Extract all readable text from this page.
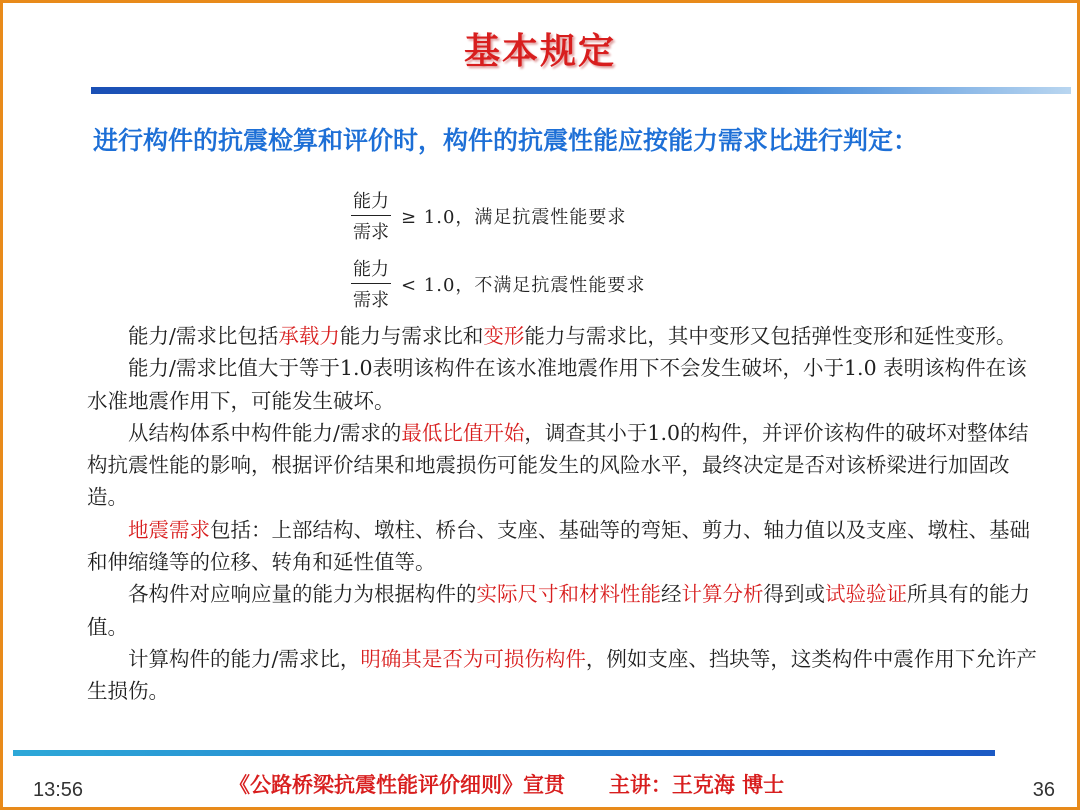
基本规定
进行构件的抗震检算和评价时，构件的抗震性能应按能力需求比进行判定：
$\frac{\text{能力}}{\text{需求}} \ge 1.0$，满足抗震性能要求
$\frac{\text{能力}}{\text{需求}} < 1.0$，不满足抗震性能要求

能力/需求比包括承载力能力与需求比和变形能力与需求比，其中变形又包括弹性变形和延性变形。

能力/需求比值大于等于1.0表明该构件在该水准地震作用下不会发生破坏，小于1.0 表明该构件在该水准地震作用下，可能发生破坏。

从结构体系中构件能力/需求的最低比值开始，调查其小于1.0的构件，并评价该构件的破坏对整体结构抗震性能的影响，根据评价结果和地震损伤可能发生的风险水平，最终决定是否对该桥梁进行加固改造。

地震需求包括：上部结构、墩柱、桥台、支座、基础等的弯矩、剪力、轴力值以及支座、墩柱、基础和伸缩缝等的位移、转角和延性值等。

各构件对应响应量的能力为根据构件的实际尺寸和材料性能经计算分析得到或试验验证所具有的能力值。

计算构件的能力/需求比，明确其是否为可损伤构件，例如支座、挡块等，这类构件中震作用下允许产生损伤。

13:56	《公路桥梁抗震性能评价细则》宣贯 主讲：王克海 博士	36
